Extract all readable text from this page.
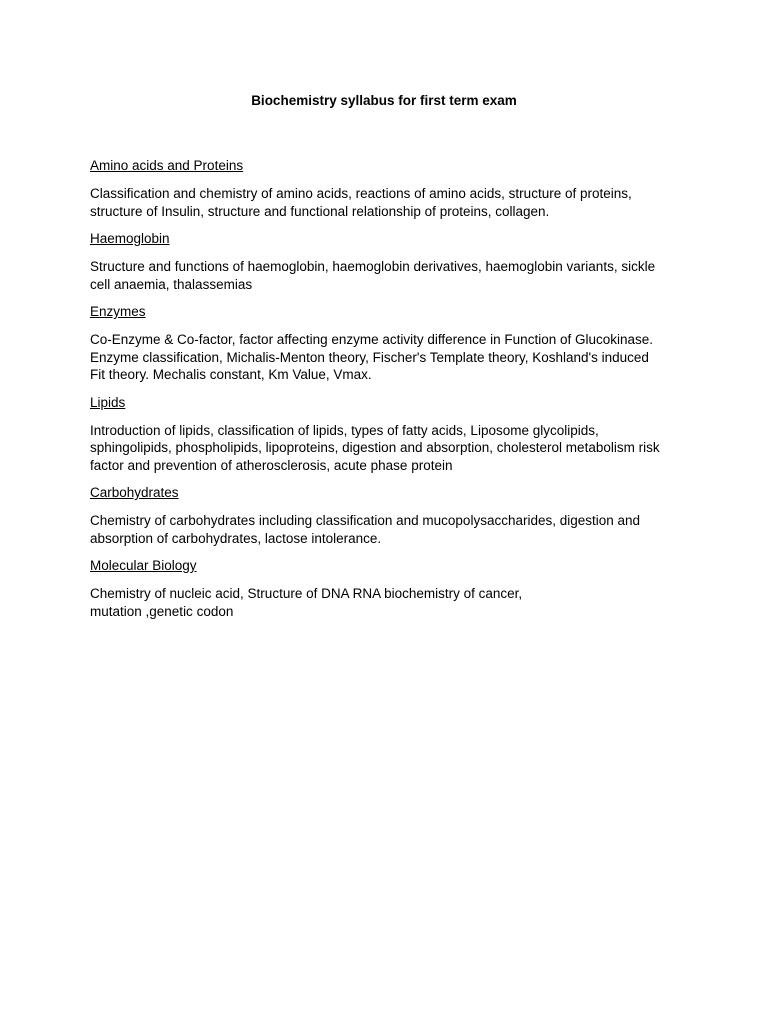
Biochemistry syllabus for first term exam
Amino acids and Proteins

Classification and chemistry of amino acids, reactions of amino acids, structure of proteins,
structure of Insulin, structure and functional relationship of proteins, collagen.

Haemoglobin

Structure and functions of haemoglobin, haemoglobin derivatives, haemoglobin variants, sickle
cell anaemia, thalassemias

Enzymes

Co-Enzyme & Co-factor, factor affecting enzyme activity difference in Function of Glucokinase.
Enzyme classification, Michalis-Menton theory, Fischer's Template theory, Koshland's induced
Fit theory. Mechalis constant, Km Value, Vmax.

Lipids

Introduction of lipids, classification of lipids, types of fatty acids, Liposome glycolipids,
sphingolipids, phospholipids, lipoproteins, digestion and absorption, cholesterol metabolism risk
factor and prevention of atherosclerosis, acute phase protein

Carbohydrates

Chemistry of carbohydrates including classification and mucopolysaccharides, digestion and
absorption of carbohydrates, lactose intolerance.

Molecular Biology

Chemistry of nucleic acid, Structure of DNA RNA biochemistry of cancer,
mutation ,genetic codon
